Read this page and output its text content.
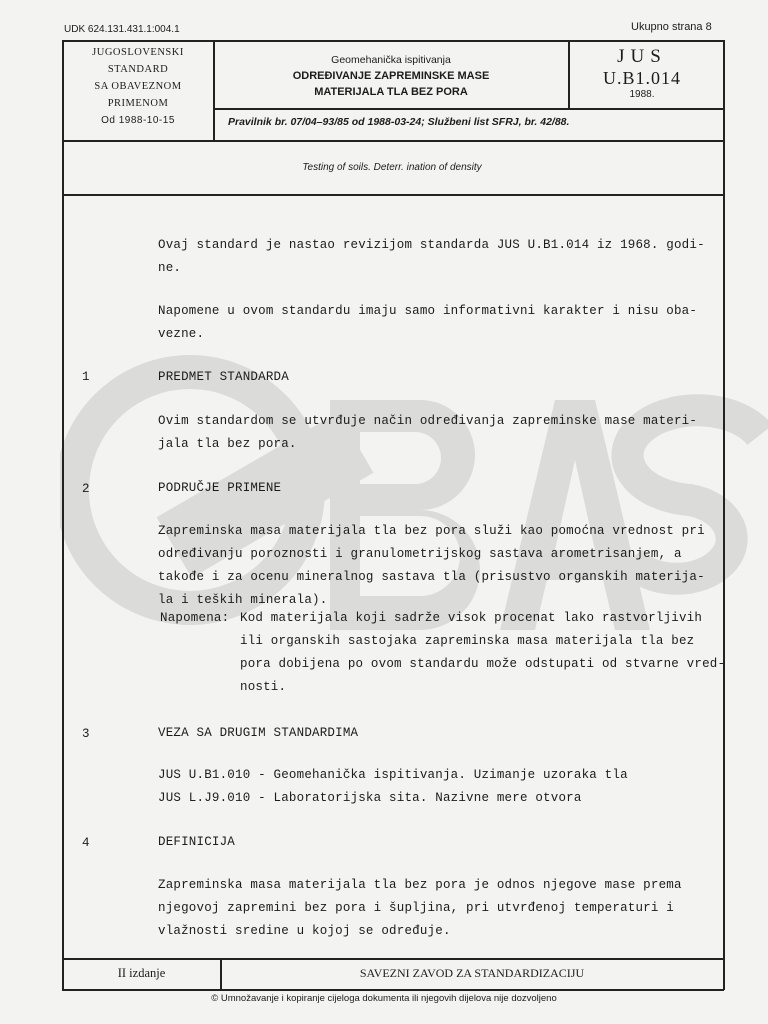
UDK 624.131.431.1:004.1	Ukupno strana 8
JUGOSLOVENSKI
STANDARD
SA OBAVEZNOM
PRIMENOM
Od 1988-10-15
Geomehanička ispitivanja
ODREĐIVANJE ZAPREMINSKE MASE
MATERIJALA TLA BEZ PORA
JUS
U.B1.014
1988.
Pravilnik br. 07/04–93/85 od 1988-03-24; Službeni list SFRJ, br. 42/88.
Testing of soils. Deterr. ination of density
Ovaj standard je nastao revizijom standarda JUS U.B1.014 iz 1968. godi-
ne.
Napomene u ovom standardu imaju samo informativni karakter i nisu oba-
vezne.
1	PREDMET STANDARDA
Ovim standardom se utvrđuje način određivanja zapreminske mase materi-
jala tla bez pora.
2	PODRUČJE PRIMENE
Zapreminska masa materijala tla bez pora služi kao pomoćna vrednost pri
određivanju poroznosti i granulometrijskog sastava arometrisanjem, a
takođe i za ocenu mineralnog sastava tla (prisustvo organskih materija-
la i teških minerala).
Napomena: Kod materijala koji sadrže visok procenat lako rastvorljivih
ili organskih sastojaka zapreminska masa materijala tla bez
pora dobijena po ovom standardu može odstupati od stvarne vred-
nosti.
3	VEZA SA DRUGIM STANDARDIMA
JUS U.B1.010 - Geomehanička ispitivanja. Uzimanje uzoraka tla
JUS L.J9.010 - Laboratorijska sita. Nazivne mere otvora
4	DEFINICIJA
Zapreminska masa materijala tla bez pora je odnos njegove mase prema
njegovoj zapremini bez pora i šupljina, pri utvrđenoj temperaturi i
vlažnosti sredine u kojoj se određuje.
II izdanje	SAVEZNI ZAVOD ZA STANDARDIZACIJU
© Umnožavanje i kopiranje cijeloga dokumenta ili njegovih dijelova nije dozvoljeno
